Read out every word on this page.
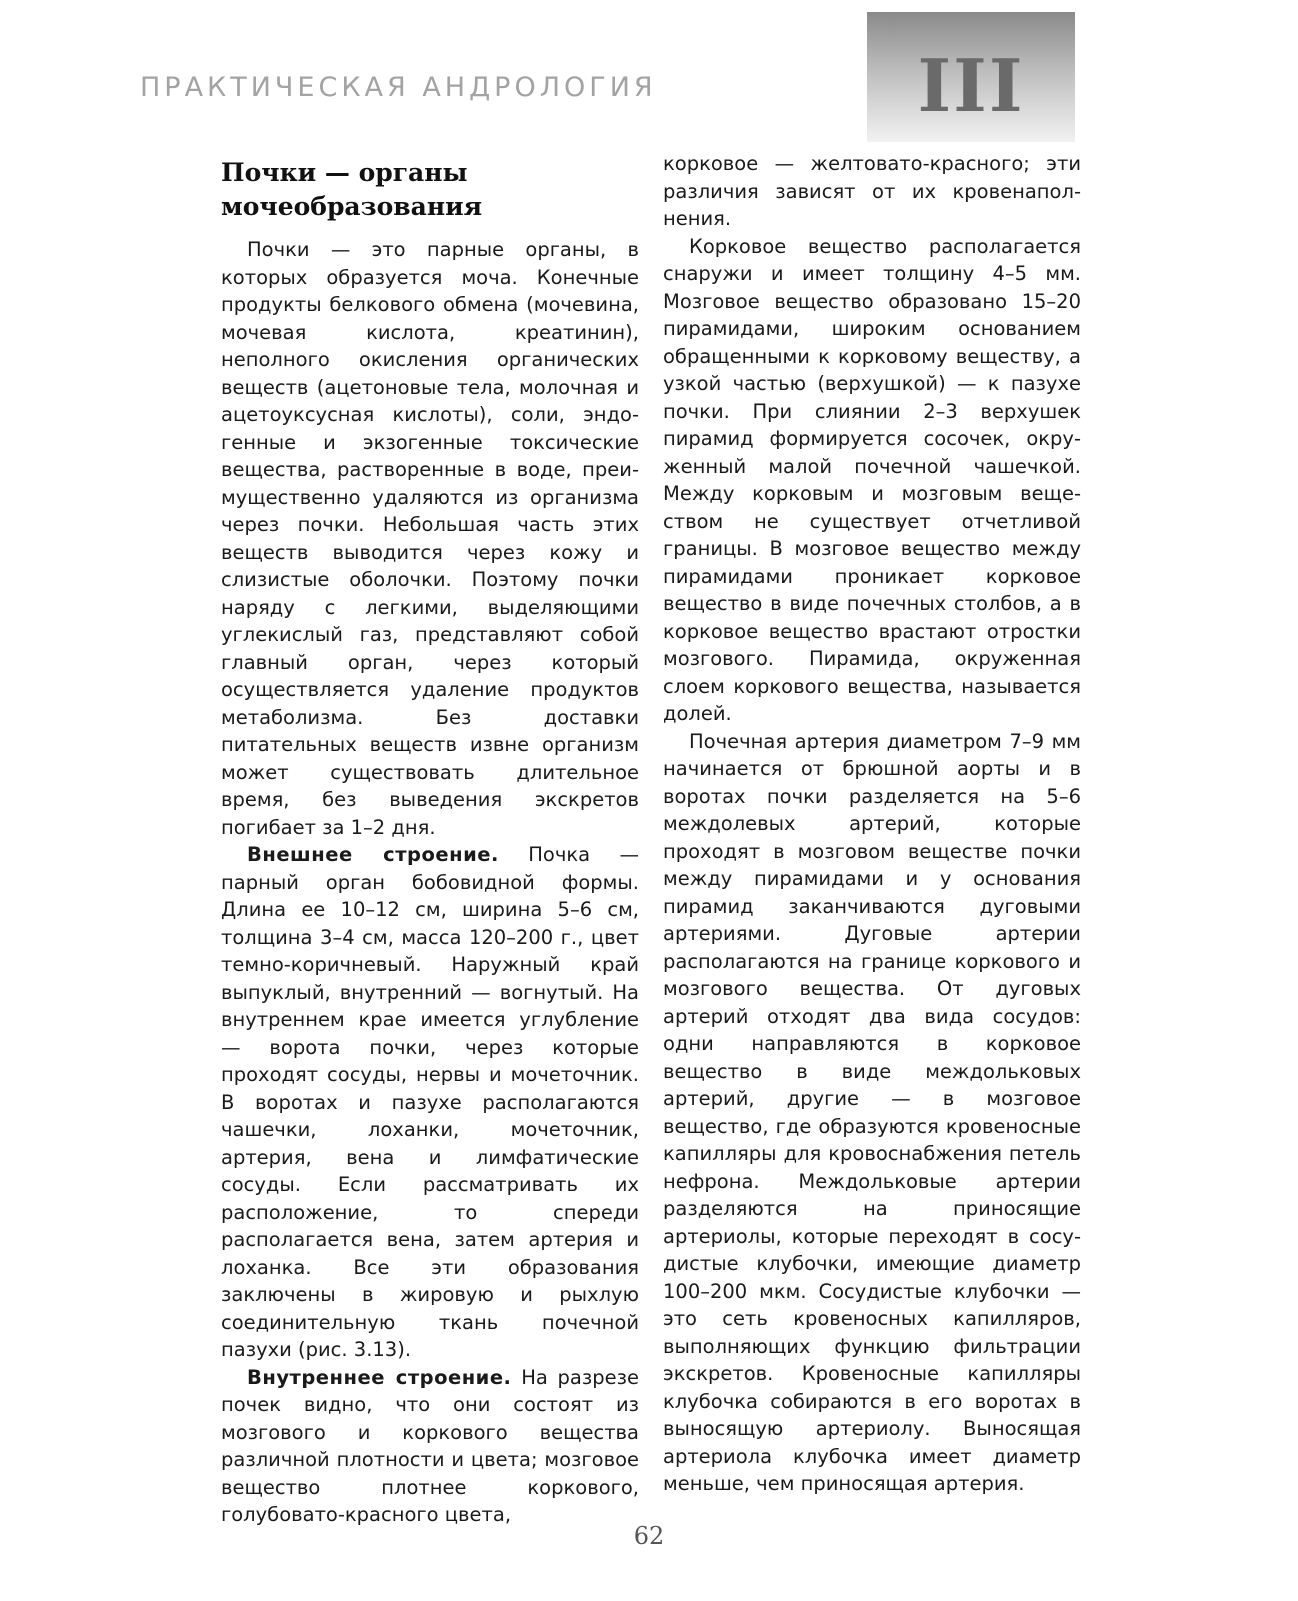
ПРАКТИЧЕСКАЯ АНДРОЛОГИЯ	III
Почки — органы мочеобразования

Почки — это парные органы, в которых образуется моча. Конечные продукты белкового обмена (мочевина, мочевая кислота, креатинин), неполного окисления органических веществ (ацетоновые тела, молочная и ацетоуксусная кислоты), соли, эндогенные и экзогенные токсические вещества, растворенные в воде, преимущественно удаляются из организма через почки. Небольшая часть этих веществ выводится через кожу и слизистые оболочки. Поэтому почки наряду с легкими, выделяющими углекислый газ, представляют собой главный орган, через который осуществляется удаление продуктов метаболизма. Без доставки питательных веществ извне организм может существовать длительное время, без выведения экскретов погибает за 1–2 дня.

Внешнее строение. Почка — парный орган бобовидной формы. Длина ее 10–12 см, ширина 5–6 см, толщина 3–4 см, масса 120–200 г., цвет темно-коричневый. Наружный край выпуклый, внутренний — вогнутый. На внутреннем крае имеется углубление — ворота почки, через которые проходят сосуды, нервы и мочеточник. В воротах и пазухе располагаются чашечки, лоханки, мочеточник, артерия, вена и лимфатические сосуды. Если рассматривать их расположение, то спереди располагается вена, затем артерия и лоханка. Все эти образования заключены в жировую и рыхлую соединительную ткань почечной пазухи (рис. 3.13).

Внутреннее строение. На разрезе почек видно, что они состоят из мозгового и коркового вещества различной плотности и цвета; мозговое вещество плотнее коркового, голубовато-красного цвета,

корковое — желтовато-красного; эти различия зависят от их кровенаполнения.

Корковое вещество располагается снаружи и имеет толщину 4–5 мм. Мозговое вещество образовано 15–20 пирамидами, широким основанием обращенными к корковому веществу, а узкой частью (верхушкой) — к пазухе почки. При слиянии 2–3 верхушек пирамид формируется сосочек, окруженный малой почечной чашечкой. Между корковым и мозговым веществом не существует отчетливой границы. В мозговое вещество между пирамидами проникает корковое вещество в виде почечных столбов, а в корковое вещество врастают отростки мозгового. Пирамида, окруженная слоем коркового вещества, называется долей.

Почечная артерия диаметром 7–9 мм начинается от брюшной аорты и в воротах почки разделяется на 5–6 междолевых артерий, которые проходят в мозговом веществе почки между пирамидами и у основания пирамид заканчиваются дуговыми артериями. Дуговые артерии располагаются на границе коркового и мозгового вещества. От дуговых артерий отходят два вида сосудов: одни направляются в корковое вещество в виде междольковых артерий, другие — в мозговое вещество, где образуются кровеносные капилляры для кровоснабжения петель нефрона. Междольковые артерии разделяются на приносящие артериолы, которые переходят в сосудистые клубочки, имеющие диаметр 100–200 мкм. Сосудистые клубочки — это сеть кровеносных капилляров, выполняющих функцию фильтрации экскретов. Кровеносные капилляры клубочка собираются в его воротах в выносящую артериолу. Выносящая артериола клубочка имеет диаметр меньше, чем приносящая артерия.

62
